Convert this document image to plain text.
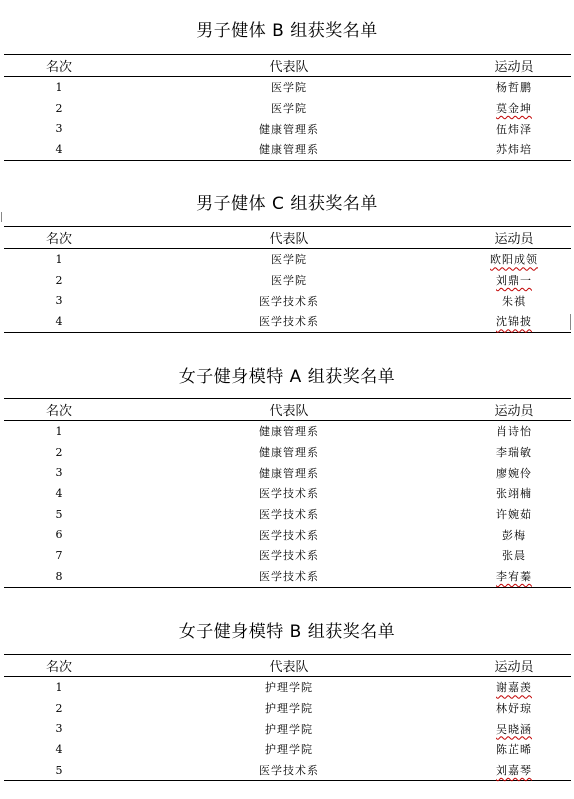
男子健体 B 组获奖名单
名次	代表队	运动员
1	医学院	杨哲鹏
2	医学院	莫金坤
3	健康管理系	伍炜泽
4	健康管理系	苏炜培
男子健体 C 组获奖名单
名次	代表队	运动员
1	医学院	欧阳成领
2	医学院	刘鼎一
3	医学技术系	朱祺
4	医学技术系	沈锦披
女子健身模特 A 组获奖名单
名次	代表队	运动员
1	健康管理系	肖诗怡
2	健康管理系	李瑞敏
3	健康管理系	廖婉伶
4	医学技术系	张翊楠
5	医学技术系	许婉茹
6	医学技术系	彭梅
7	医学技术系	张晨
8	医学技术系	李宥蓁
女子健身模特 B 组获奖名单
名次	代表队	运动员
1	护理学院	谢嘉羡
2	护理学院	林妤琼
3	护理学院	吴晓涵
4	护理学院	陈芷晞
5	医学技术系	刘嘉琴
